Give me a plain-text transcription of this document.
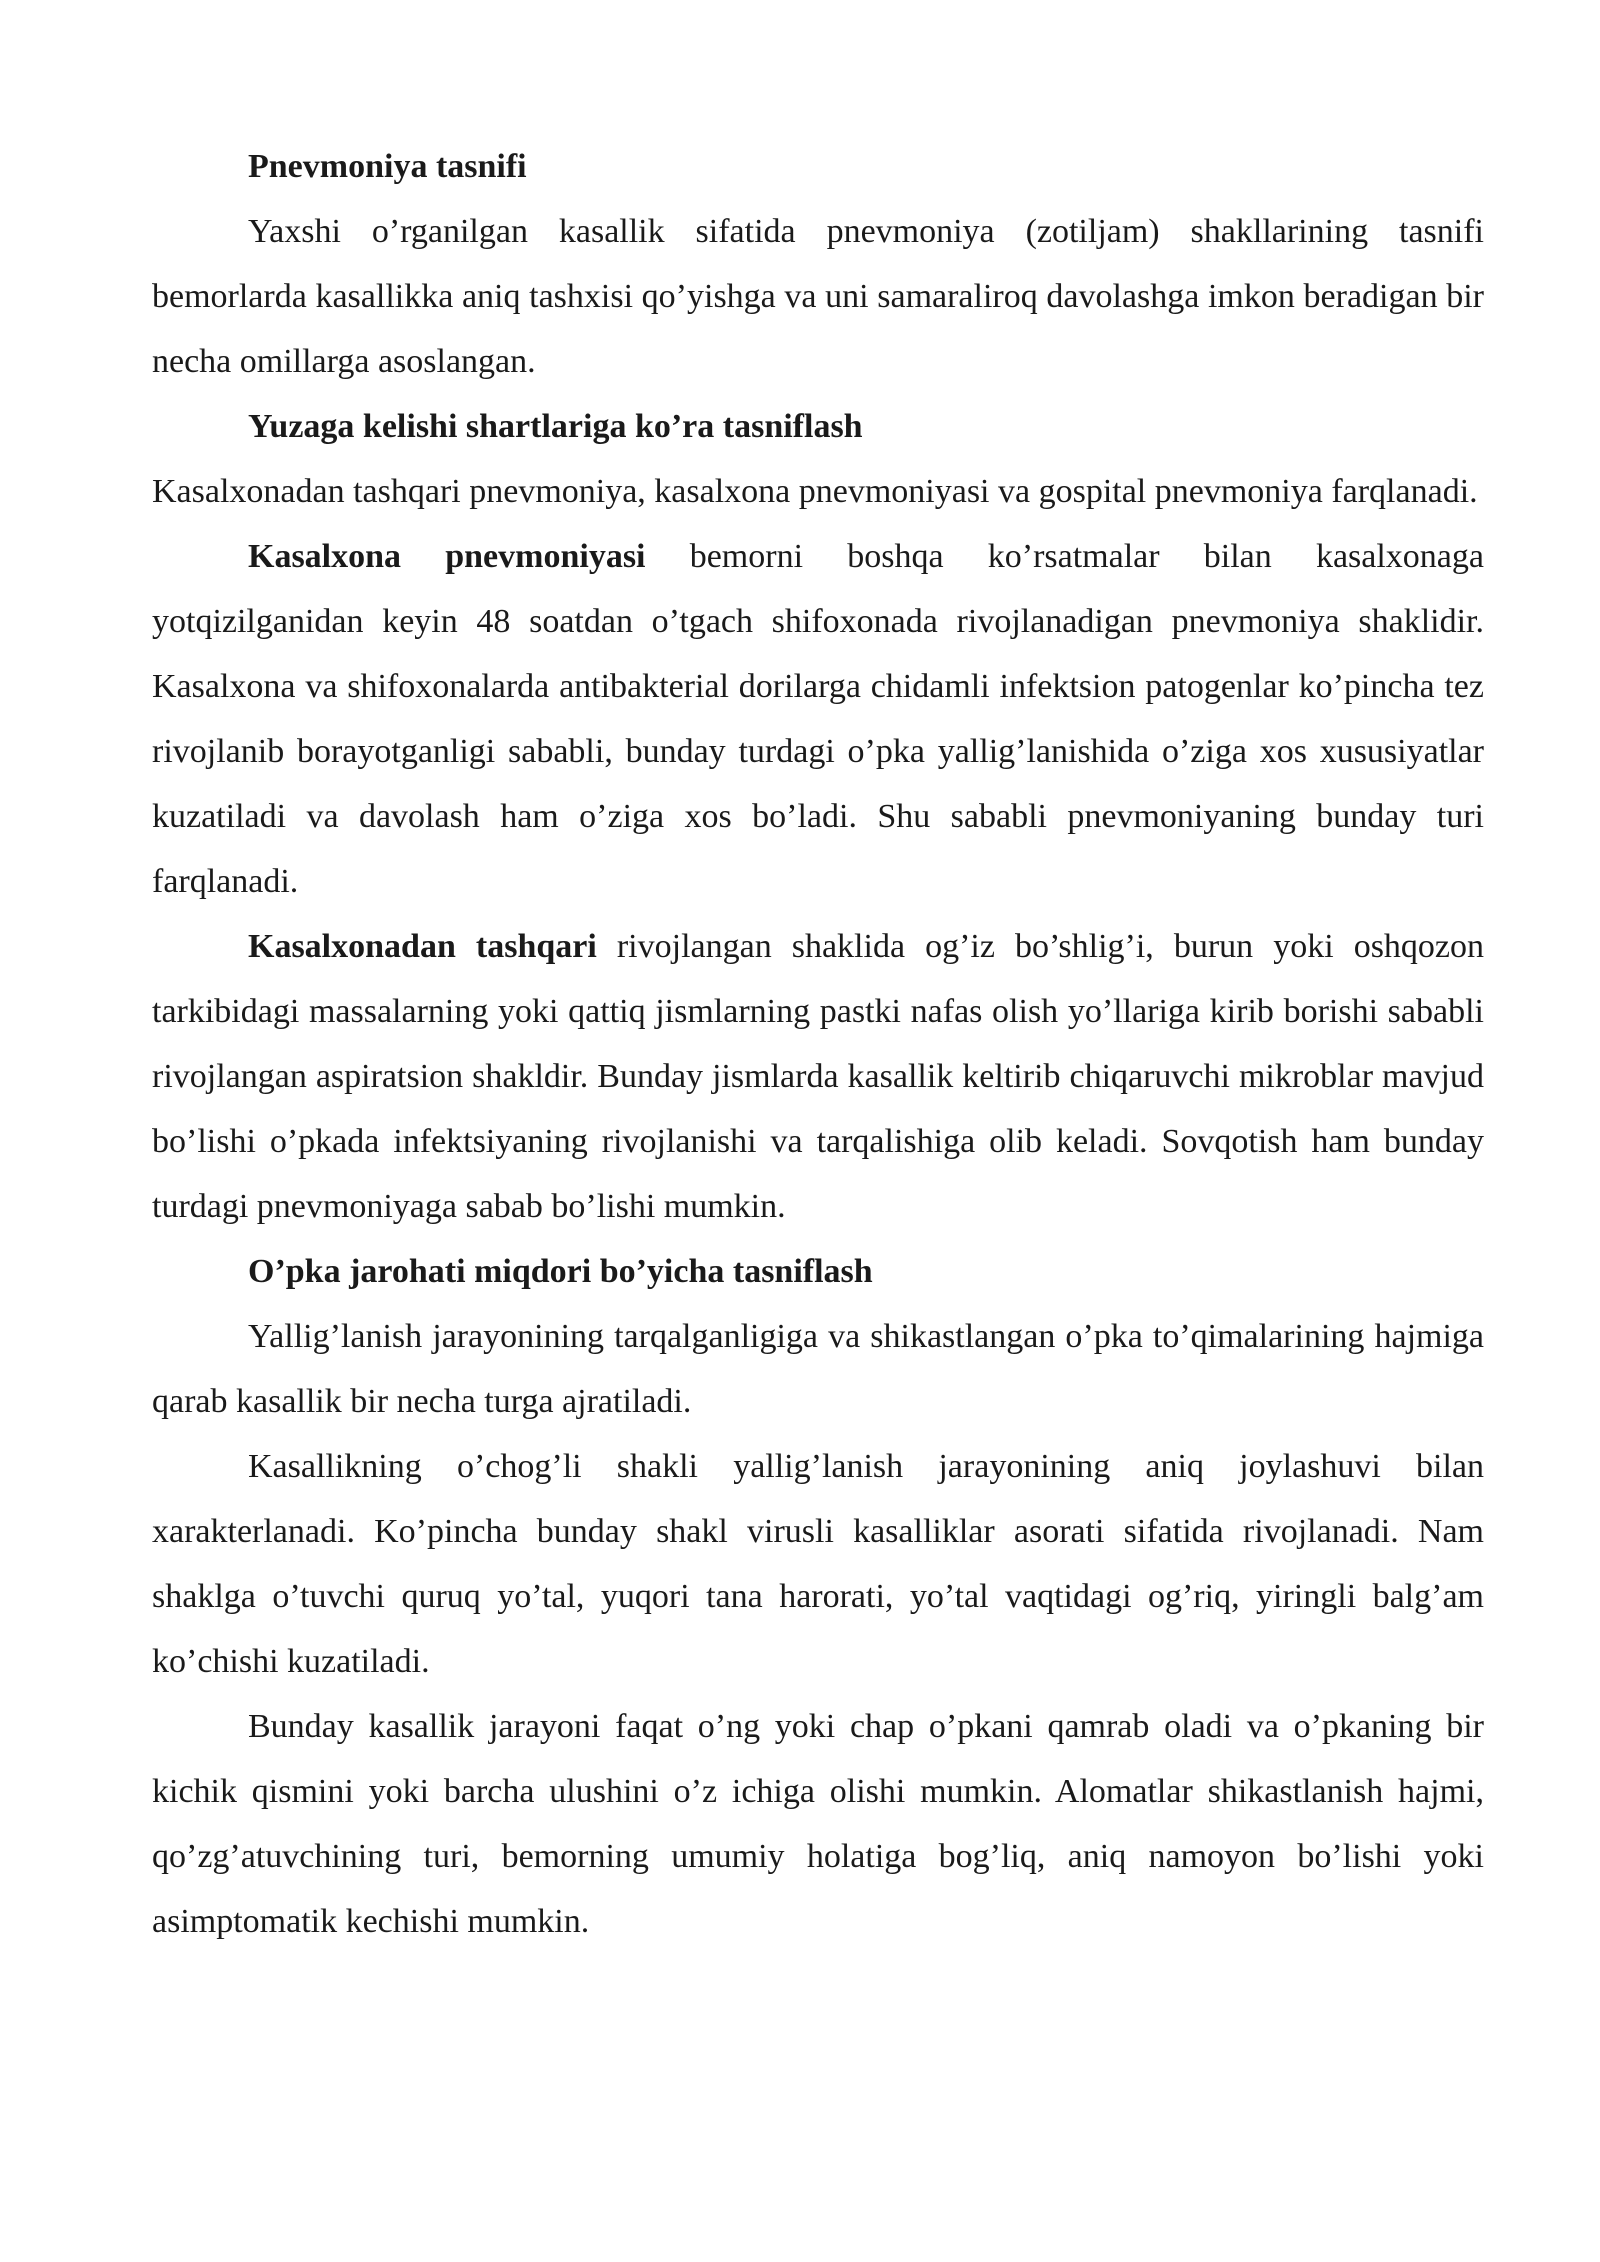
Pnevmoniya tasnifi

Yaxshi o’rganilgan kasallik sifatida pnevmoniya (zotiljam) shakllarining tasnifi bemorlarda kasallikka aniq tashxisi qo’yishga va uni samaraliroq davolashga imkon beradigan bir necha omillarga asoslangan.

Yuzaga kelishi shartlariga ko’ra tasniflash

Kasalxonadan tashqari pnevmoniya, kasalxona pnevmoniyasi va gospital pnevmoniya farqlanadi.

Kasalxona pnevmoniyasi bemorni boshqa ko’rsatmalar bilan kasalxonaga yotqizilganidan keyin 48 soatdan o’tgach shifoxonada rivojlanadigan pnevmoniya shaklidir. Kasalxona va shifoxonalarda antibakterial dorilarga chidamli infektsion patogenlar ko’pincha tez rivojlanib borayotganligi sababli, bunday turdagi o’pka yallig’lanishida o’ziga xos xususiyatlar kuzatiladi va davolash ham o’ziga xos bo’ladi. Shu sababli pnevmoniyaning bunday turi farqlanadi.

Kasalxonadan tashqari rivojlangan shaklida og’iz bo’shlig’i, burun yoki oshqozon tarkibidagi massalarning yoki qattiq jismlarning pastki nafas olish yo’llariga kirib borishi sababli rivojlangan aspiratsion shakldir. Bunday jismlarda kasallik keltirib chiqaruvchi mikroblar mavjud bo’lishi o’pkada infektsiyaning rivojlanishi va tarqalishiga olib keladi. Sovqotish ham bunday turdagi pnevmoniyaga sabab bo’lishi mumkin.

O’pka jarohati miqdori bo’yicha tasniflash

Yallig’lanish jarayonining tarqalganligiga va shikastlangan o’pka to’qimalarining hajmiga qarab kasallik bir necha turga ajratiladi.

Kasallikning o’chog’li shakli yallig’lanish jarayonining aniq joylashuvi bilan xarakterlanadi. Ko’pincha bunday shakl virusli kasalliklar asorati sifatida rivojlanadi. Nam shaklga o’tuvchi quruq yo’tal, yuqori tana harorati, yo’tal vaqtidagi og’riq, yiringli balg’am ko’chishi kuzatiladi.

Bunday kasallik jarayoni faqat o’ng yoki chap o’pkani qamrab oladi va o’pkaning bir kichik qismini yoki barcha ulushini o’z ichiga olishi mumkin. Alomatlar shikastlanish hajmi, qo’zg’atuvchining turi, bemorning umumiy holatiga bog’liq, aniq namoyon bo’lishi yoki asimptomatik kechishi mumkin.
